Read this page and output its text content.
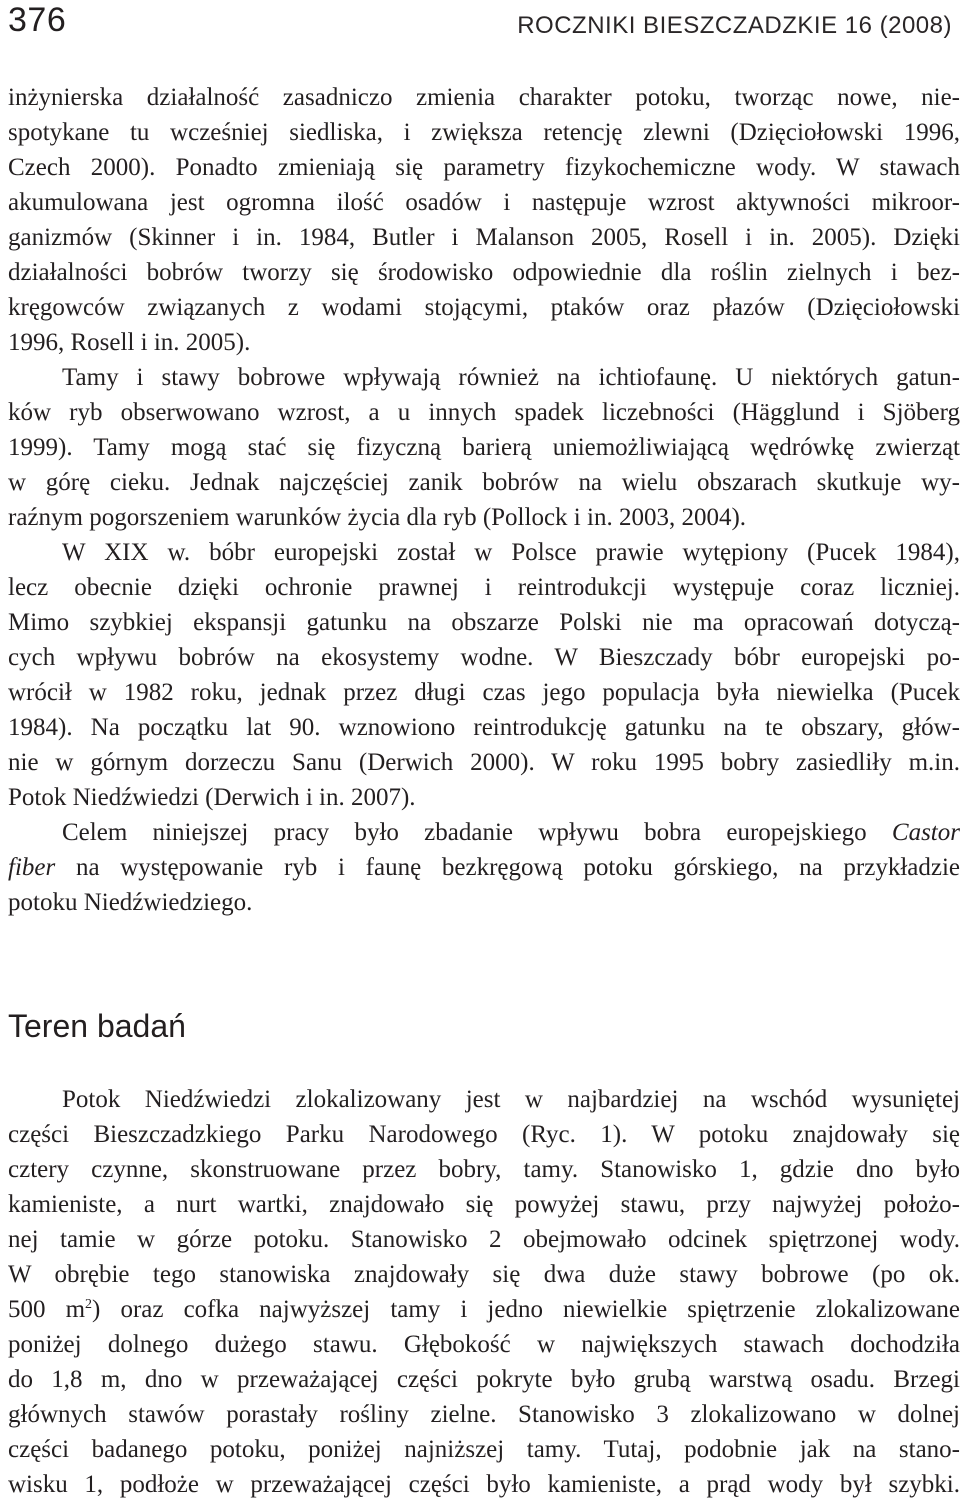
376	ROCZNIKI BIESZCZADZKIE 16 (2008)
inżynierska działalność zasadniczo zmienia charakter potoku, tworząc nowe, nie-
spotykane tu wcześniej siedliska, i zwiększa retencję zlewni (Dzięciołowski 1996,
Czech 2000). Ponadto zmieniają się parametry fizykochemiczne wody. W stawach
akumulowana jest ogromna ilość osadów i następuje wzrost aktywności mikroor-
ganizmów (Skinner i in. 1984, Butler i Malanson 2005, Rosell i in. 2005). Dzięki
działalności bobrów tworzy się środowisko odpowiednie dla roślin zielnych i bez-
kręgowców związanych z wodami stojącymi, ptaków oraz płazów (Dzięciołowski
1996, Rosell i in. 2005).
Tamy i stawy bobrowe wpływają również na ichtiofaunę. U niektórych gatun-
ków ryb obserwowano wzrost, a u innych spadek liczebności (Hägglund i Sjöberg
1999). Tamy mogą stać się fizyczną barierą uniemożliwiającą wędrówkę zwierząt
w górę cieku. Jednak najczęściej zanik bobrów na wielu obszarach skutkuje wy-
raźnym pogorszeniem warunków życia dla ryb (Pollock i in. 2003, 2004).
W XIX w. bóbr europejski został w Polsce prawie wytępiony (Pucek 1984),
lecz obecnie dzięki ochronie prawnej i reintrodukcji występuje coraz liczniej.
Mimo szybkiej ekspansji gatunku na obszarze Polski nie ma opracowań dotyczą-
cych wpływu bobrów na ekosystemy wodne. W Bieszczady bóbr europejski po-
wrócił w 1982 roku, jednak przez długi czas jego populacja była niewielka (Pucek
1984). Na początku lat 90. wznowiono reintrodukcję gatunku na te obszary, głów-
nie w górnym dorzeczu Sanu (Derwich 2000). W roku 1995 bobry zasiedliły m.in.
Potok Niedźwiedzi (Derwich i in. 2007).
Celem niniejszej pracy było zbadanie wpływu bobra europejskiego Castor
fiber na występowanie ryb i faunę bezkręgową potoku górskiego, na przykładzie
potoku Niedźwiedziego.
Teren badań
Potok Niedźwiedzi zlokalizowany jest w najbardziej na wschód wysuniętej
części Bieszczadzkiego Parku Narodowego (Ryc. 1). W potoku znajdowały się
cztery czynne, skonstruowane przez bobry, tamy. Stanowisko 1, gdzie dno było
kamieniste, a nurt wartki, znajdowało się powyżej stawu, przy najwyżej położo-
nej tamie w górze potoku. Stanowisko 2 obejmowało odcinek spiętrzonej wody.
W obrębie tego stanowiska znajdowały się dwa duże stawy bobrowe (po ok.
500 $m^2$) oraz cofka najwyższej tamy i jedno niewielkie spiętrzenie zlokalizowane
poniżej dolnego dużego stawu. Głębokość w największych stawach dochodziła
do 1,8 m, dno w przeważającej części pokryte było grubą warstwą osadu. Brzegi
głównych stawów porastały rośliny zielne. Stanowisko 3 zlokalizowano w dolnej
części badanego potoku, poniżej najniższej tamy. Tutaj, podobnie jak na stano-
wisku 1, podłoże w przeważającej części było kamieniste, a prąd wody był szybki.
